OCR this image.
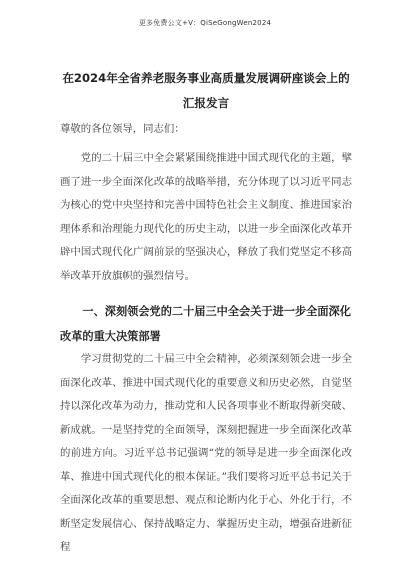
更多免费公文+V：QiSeGongWen2024
在2024年全省养老服务事业高质量发展调研座谈会上的汇报发言
尊敬的各位领导，同志们：
党的二十届三中全会紧紧围绕推进中国式现代化的主题，擘画了进一步全面深化改革的战略举措，充分体现了以习近平同志为核心的党中央坚持和完善中国特色社会主义制度、推进国家治理体系和治理能力现代化的历史主动，以进一步全面深化改革开辟中国式现代化广阔前景的坚强决心，释放了我们党坚定不移高举改革开放旗帜的强烈信号。
一、深刻领会党的二十届三中全会关于进一步全面深化改革的重大决策部署
学习贯彻党的二十届三中全会精神，必须深刻领会进一步全面深化改革、推进中国式现代化的重要意义和历史必然，自觉坚持以深化改革为动力，推动党和人民各项事业不断取得新突破、新成就。一是坚持党的全面领导，深刻把握进一步全面深化改革的前进方向。习近平总书记强调“党的领导是进一步全面深化改革、推进中国式现代化的根本保证。”我们要将习近平总书记关于全面深化改革的重要思想、观点和论断内化于心、外化于行，不断坚定发展信心、保持战略定力、掌握历史主动，增强奋进新征程
